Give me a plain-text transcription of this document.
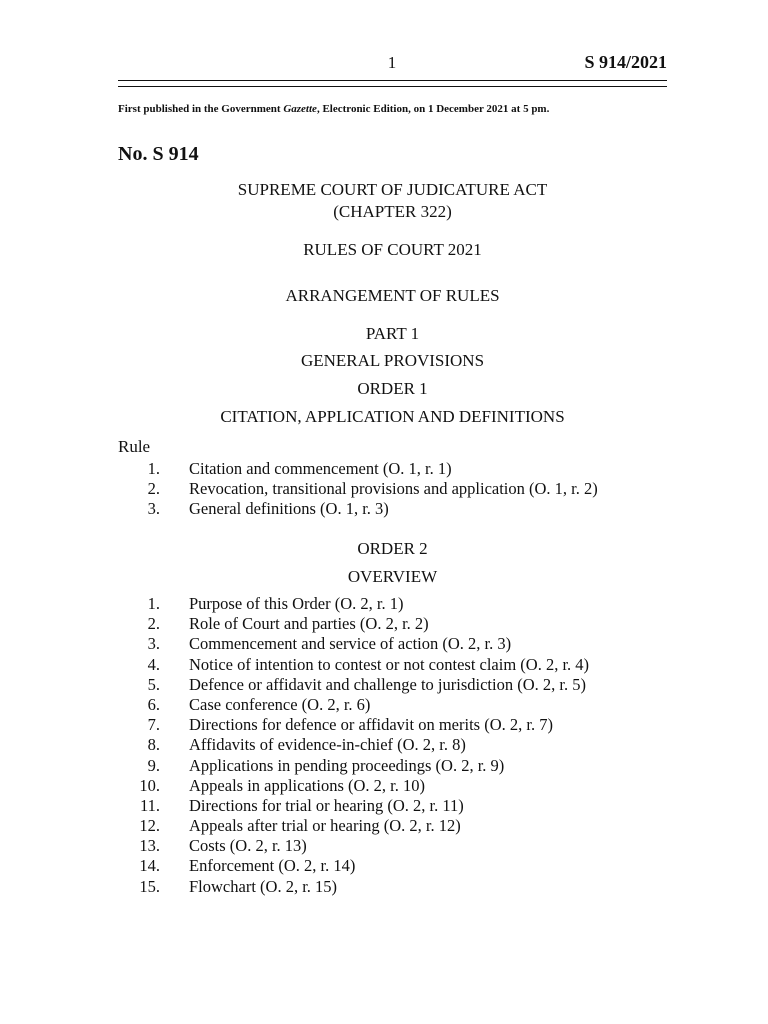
1	S 914/2021
First published in the Government Gazette, Electronic Edition, on 1 December 2021 at 5 pm.
No. S 914
SUPREME COURT OF JUDICATURE ACT
(CHAPTER 322)
RULES OF COURT 2021
ARRANGEMENT OF RULES
PART 1
GENERAL PROVISIONS
ORDER 1
CITATION, APPLICATION AND DEFINITIONS
Rule
1. Citation and commencement (O. 1, r. 1)
2. Revocation, transitional provisions and application (O. 1, r. 2)
3. General definitions (O. 1, r. 3)
ORDER 2
OVERVIEW
1. Purpose of this Order (O. 2, r. 1)
2. Role of Court and parties (O. 2, r. 2)
3. Commencement and service of action (O. 2, r. 3)
4. Notice of intention to contest or not contest claim (O. 2, r. 4)
5. Defence or affidavit and challenge to jurisdiction (O. 2, r. 5)
6. Case conference (O. 2, r. 6)
7. Directions for defence or affidavit on merits (O. 2, r. 7)
8. Affidavits of evidence-in-chief (O. 2, r. 8)
9. Applications in pending proceedings (O. 2, r. 9)
10. Appeals in applications (O. 2, r. 10)
11. Directions for trial or hearing (O. 2, r. 11)
12. Appeals after trial or hearing (O. 2, r. 12)
13. Costs (O. 2, r. 13)
14. Enforcement (O. 2, r. 14)
15. Flowchart (O. 2, r. 15)
